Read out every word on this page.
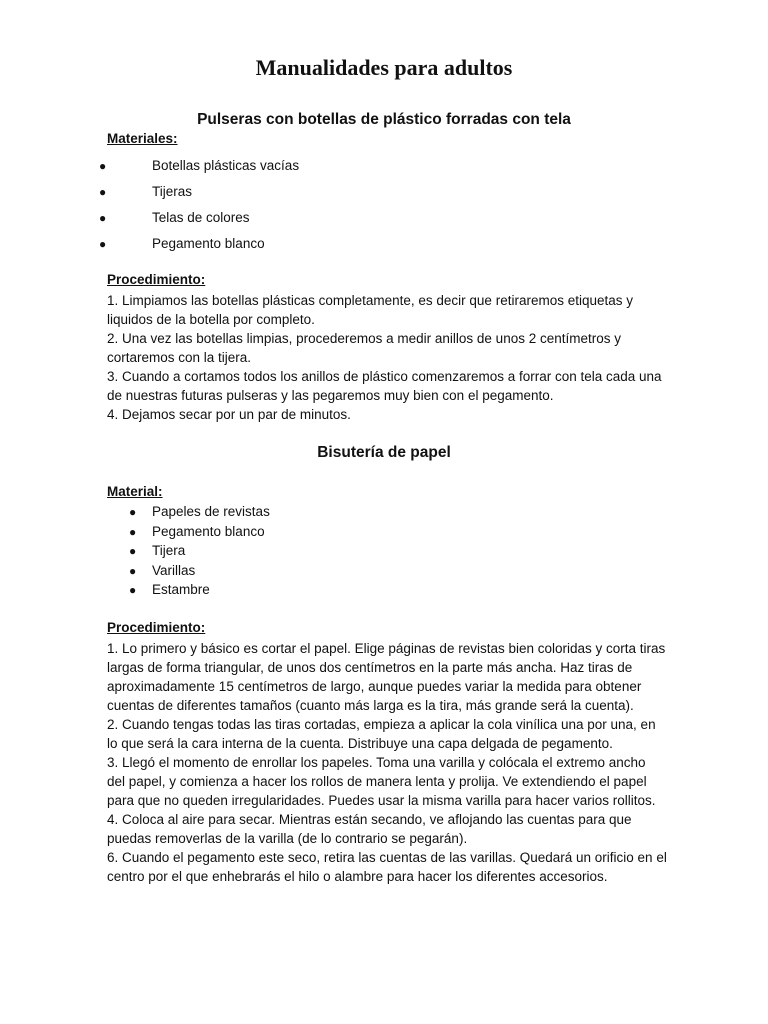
Manualidades para adultos
Pulseras con botellas de plástico forradas con tela

Materiales:

●	Botellas plásticas vacías
●	Tijeras
●	Telas de colores
●	Pegamento blanco

Procedimiento:

1. Limpiamos las botellas plásticas completamente, es decir que retiraremos etiquetas y liquidos de la botella por completo.

2. Una vez las botellas limpias, procederemos a medir anillos de unos 2 centímetros y cortaremos con la tijera.

3. Cuando a cortamos todos los anillos de plástico comenzaremos a forrar con tela cada una de nuestras futuras pulseras y las pegaremos muy bien con el pegamento.

4. Dejamos secar por un par de minutos.

Bisutería de papel

Material:

● Papeles de revistas
● Pegamento blanco
● Tijera
● Varillas
● Estambre

Procedimiento:

1. Lo primero y básico es cortar el papel. Elige páginas de revistas bien coloridas y corta tiras largas de forma triangular, de unos dos centímetros en la parte más ancha. Haz tiras de aproximadamente 15 centímetros de largo, aunque puedes variar la medida para obtener cuentas de diferentes tamaños (cuanto más larga es la tira, más grande será la cuenta).

2. Cuando tengas todas las tiras cortadas, empieza a aplicar la cola vinílica una por una, en lo que será la cara interna de la cuenta. Distribuye una capa delgada de pegamento.

3. Llegó el momento de enrollar los papeles. Toma una varilla y colócala el extremo ancho del papel, y comienza a hacer los rollos de manera lenta y prolija. Ve extendiendo el papel para que no queden irregularidades. Puedes usar la misma varilla para hacer varios rollitos.

4. Coloca al aire para secar. Mientras están secando, ve aflojando las cuentas para que puedas removerlas de la varilla (de lo contrario se pegarán).

6. Cuando el pegamento este seco, retira las cuentas de las varillas. Quedará un orificio en el centro por el que enhebrarás el hilo o alambre para hacer los diferentes accesorios.
